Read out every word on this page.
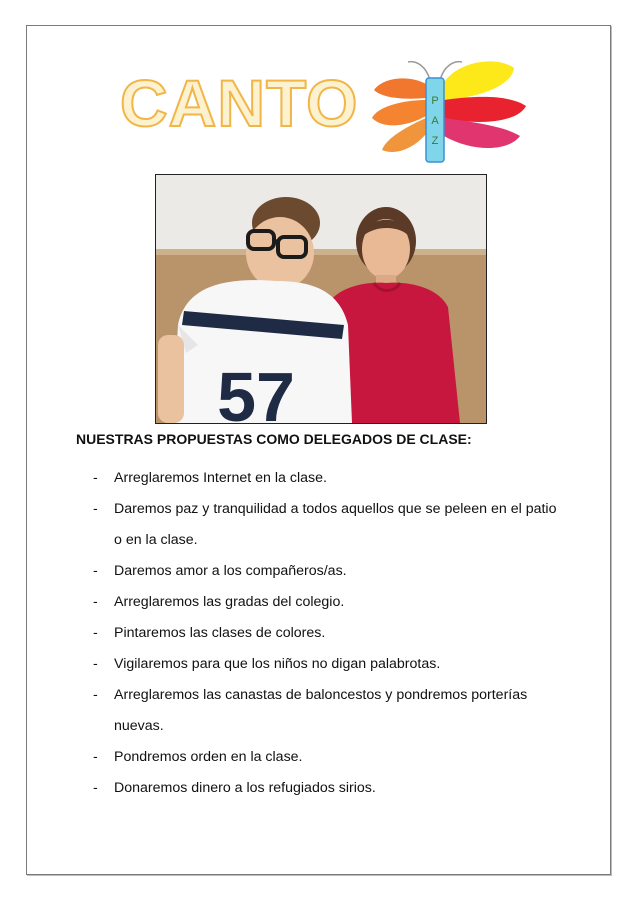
CANTO	P
A
Z
57

NUESTRAS PROPUESTAS COMO DELEGADOS DE CLASE:

- Arreglaremos Internet en la clase.
- Daremos paz y tranquilidad a todos aquellos que se peleen en el patio o en la clase.
- Daremos amor a los compañeros/as.
- Arreglaremos las gradas del colegio.
- Pintaremos las clases de colores.
- Vigilaremos para que los niños no digan palabrotas.
- Arreglaremos las canastas de baloncestos y pondremos porterías nuevas.
- Pondremos orden en la clase.
- Donaremos dinero a los refugiados sirios.
